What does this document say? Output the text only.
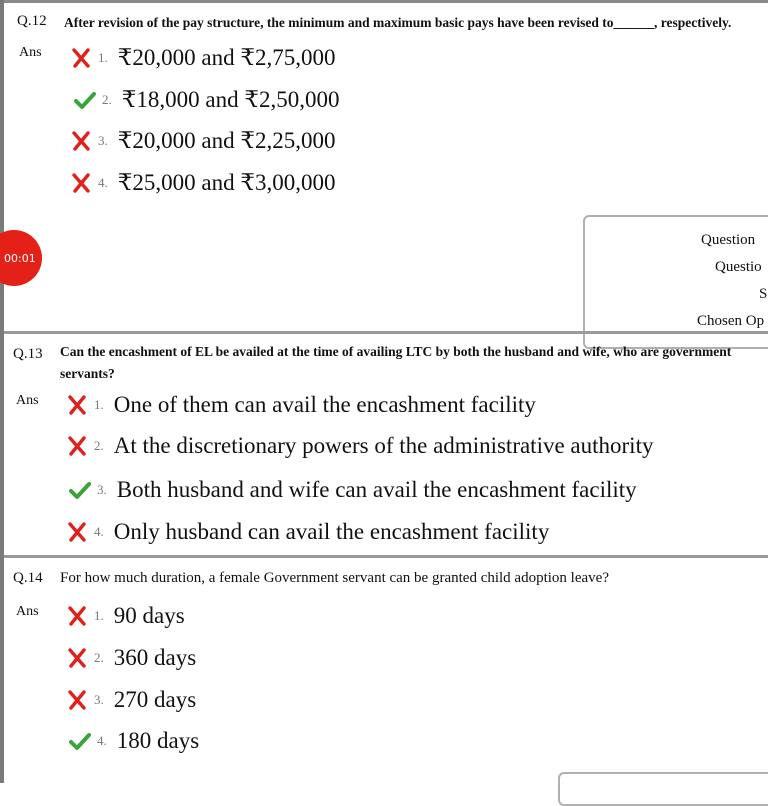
Q.12 After revision of the pay structure, the minimum and maximum basic pays have been revised to______, respectively.
Ans	1. ₹20,000 and ₹2,75,000
2. ₹18,000 and ₹2,50,000
3. ₹20,000 and ₹2,25,000
4. ₹25,000 and ₹3,00,000
00:01
Question
Questio
S
Chosen Op
Q.13 Can the encashment of EL be availed at the time of availing LTC by both the husband and wife, who are government
servants?
Ans	1. One of them can avail the encashment facility
2. At the discretionary powers of the administrative authority
3. Both husband and wife can avail the encashment facility
4. Only husband can avail the encashment facility
Q.14 For how much duration, a female Government servant can be granted child adoption leave?
Ans	1. 90 days
2. 360 days
3. 270 days
4. 180 days
